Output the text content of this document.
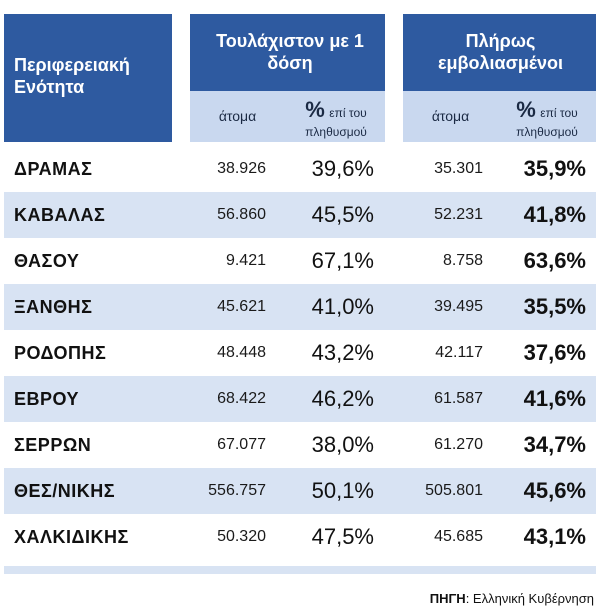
Περιφερειακή Ενότητα
Τουλάχιστον με 1 δόση
άτομα	% επί του
πληθυσμού
Πλήρως εμβολιασμένοι
άτομα	% επί του
πληθυσμού
ΔΡΑΜΑΣ	38.926 39,6%	35.301 35,9%
ΚΑΒΑΛΑΣ	56.860 45,5%	52.231 41,8%
ΘΑΣΟΥ	9.421 67,1%	8.758 63,6%
ΞΑΝΘΗΣ	45.621 41,0%	39.495 35,5%
ΡΟΔΟΠΗΣ	48.448 43,2%	42.117 37,6%
ΕΒΡΟΥ	68.422 46,2%	61.587 41,6%
ΣΕΡΡΩΝ	67.077 38,0%	61.270 34,7%
ΘΕΣ/ΝΙΚΗΣ	556.757 50,1%	505.801 45,6%
ΧΑΛΚΙΔΙΚΗΣ	50.320 47,5%	45.685 43,1%
ΠΗΓΗ: Ελληνική Κυβέρνηση
